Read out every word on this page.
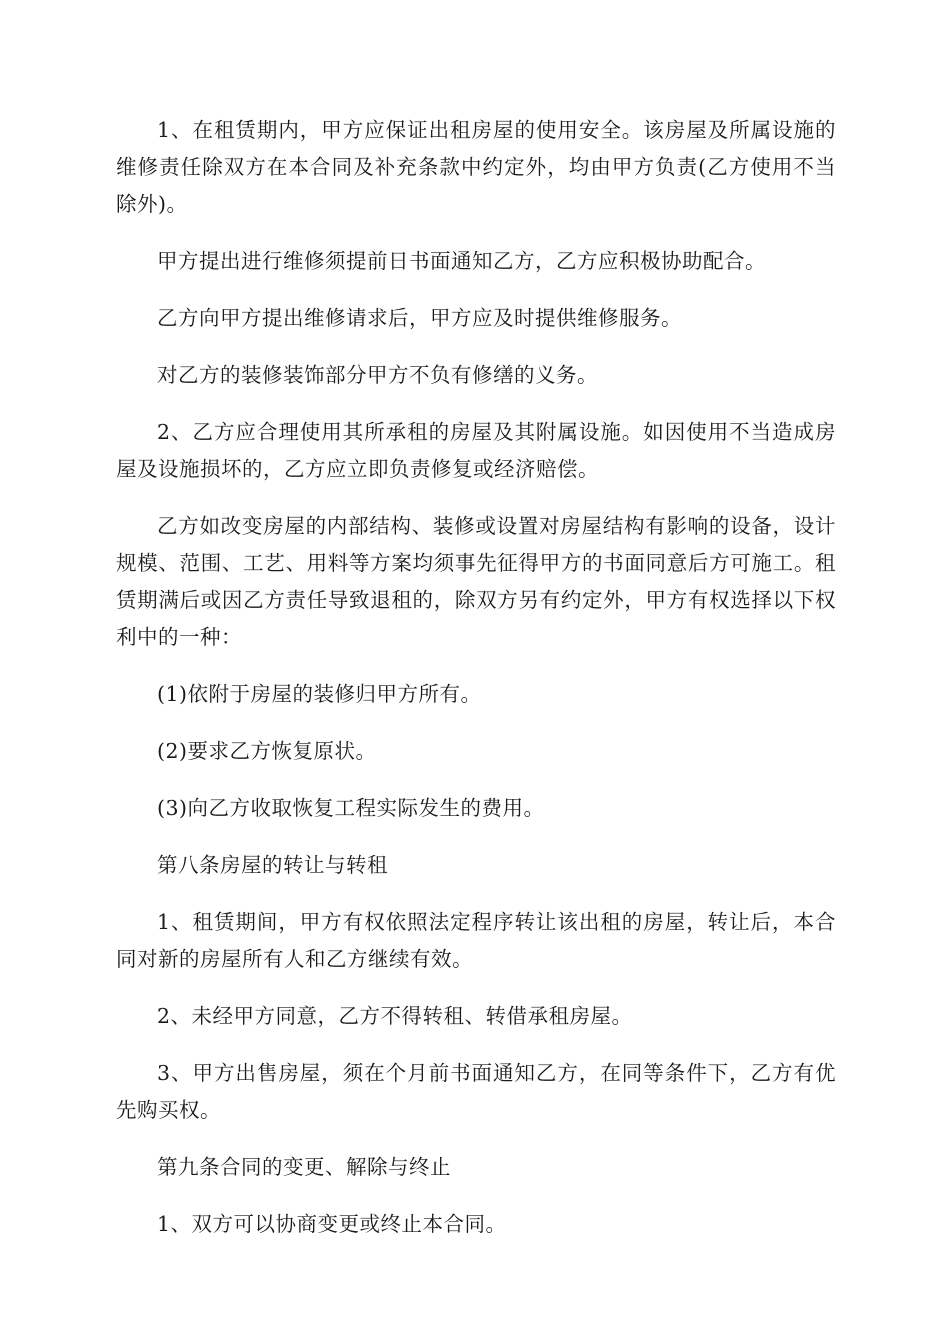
1、在租赁期内，甲方应保证出租房屋的使用安全。该房屋及所属设施的维修责任除双方在本合同及补充条款中约定外，均由甲方负责(乙方使用不当除外)。

甲方提出进行维修须提前日书面通知乙方，乙方应积极协助配合。

乙方向甲方提出维修请求后，甲方应及时提供维修服务。

对乙方的装修装饰部分甲方不负有修缮的义务。

2、乙方应合理使用其所承租的房屋及其附属设施。如因使用不当造成房屋及设施损坏的，乙方应立即负责修复或经济赔偿。

乙方如改变房屋的内部结构、装修或设置对房屋结构有影响的设备，设计规模、范围、工艺、用料等方案均须事先征得甲方的书面同意后方可施工。租赁期满后或因乙方责任导致退租的，除双方另有约定外，甲方有权选择以下权利中的一种：

(1)依附于房屋的装修归甲方所有。

(2)要求乙方恢复原状。

(3)向乙方收取恢复工程实际发生的费用。

第八条房屋的转让与转租

1、租赁期间，甲方有权依照法定程序转让该出租的房屋，转让后，本合同对新的房屋所有人和乙方继续有效。

2、未经甲方同意，乙方不得转租、转借承租房屋。

3、甲方出售房屋，须在个月前书面通知乙方，在同等条件下，乙方有优先购买权。

第九条合同的变更、解除与终止

1、双方可以协商变更或终止本合同。
